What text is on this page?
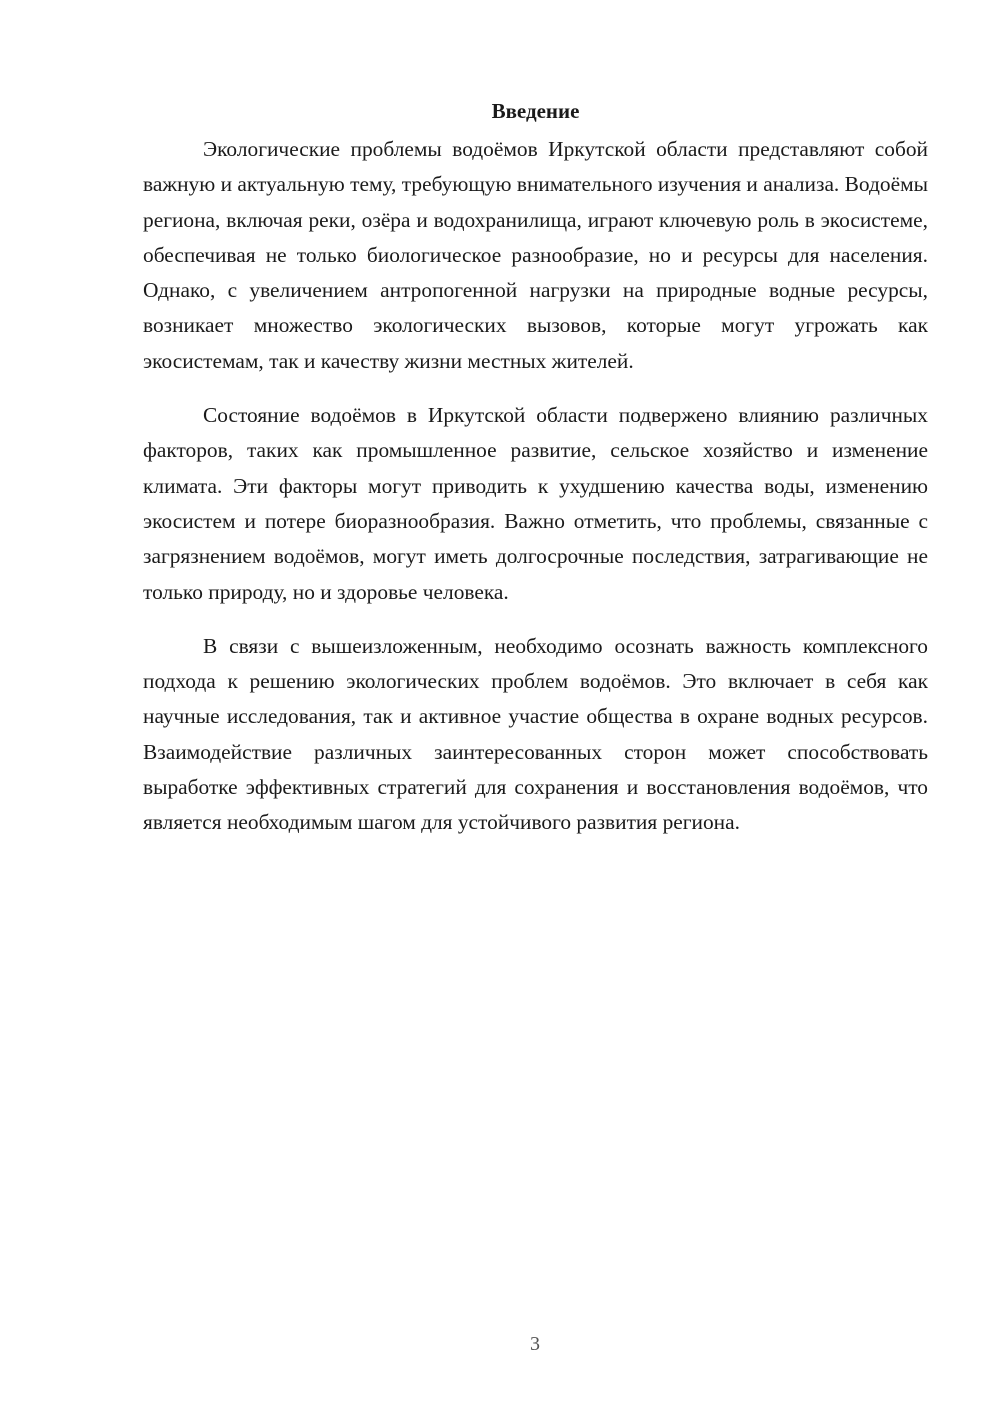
Введение

Экологические проблемы водоёмов Иркутской области представляют собой важную и актуальную тему, требующую внимательного изучения и анализа. Водоёмы региона, включая реки, озёра и водохранилища, играют ключевую роль в экосистеме, обеспечивая не только биологическое разнообразие, но и ресурсы для населения. Однако, с увеличением антропогенной нагрузки на природные водные ресурсы, возникает множество экологических вызовов, которые могут угрожать как экосистемам, так и качеству жизни местных жителей.

Состояние водоёмов в Иркутской области подвержено влиянию различных факторов, таких как промышленное развитие, сельское хозяйство и изменение климата. Эти факторы могут приводить к ухудшению качества воды, изменению экосистем и потере биоразнообразия. Важно отметить, что проблемы, связанные с загрязнением водоёмов, могут иметь долгосрочные последствия, затрагивающие не только природу, но и здоровье человека.

В связи с вышеизложенным, необходимо осознать важность комплексного подхода к решению экологических проблем водоёмов. Это включает в себя как научные исследования, так и активное участие общества в охране водных ресурсов. Взаимодействие различных заинтересованных сторон может способствовать выработке эффективных стратегий для сохранения и восстановления водоёмов, что является необходимым шагом для устойчивого развития региона.

3
